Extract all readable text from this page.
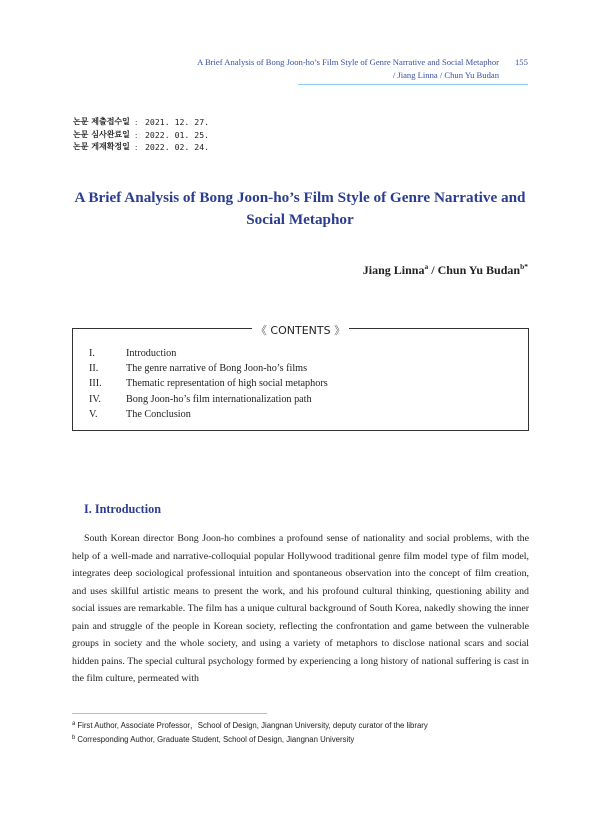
A Brief Analysis of Bong Joon-ho’s Film Style of Genre Narrative and Social Metaphor 155
/ Jiang Linna / Chun Yu Budan
논문 제출접수일 : 2021. 12. 27.
논문 심사완료일 : 2022. 01. 25.
논문 게재확정일 : 2022. 02. 24.
A Brief Analysis of Bong Joon-ho’s Film Style of Genre Narrative and Social Metaphor
Jiang Linna$^a$ / Chun Yu Budan$^{b*}$
《 CONTENTS 》
I.	Introduction
II.	The genre narrative of Bong Joon-ho’s films
III.	Thematic representation of high social metaphors
IV.	Bong Joon-ho’s film internationalization path
V.	The Conclusion
I. Introduction

South Korean director Bong Joon-ho combines a profound sense of nationality and social problems, with the help of a well-made and narrative-colloquial popular Hollywood traditional genre film model type of film model, integrates deep sociological professional intuition and spontaneous observation into the concept of film creation, and uses skillful artistic means to present the work, and his profound cultural thinking, questioning ability and social issues are remarkable. The film has a unique cultural background of South Korea, nakedly showing the inner pain and struggle of the people in Korean society, reflecting the confrontation and game between the vulnerable groups in society and the whole society, and using a variety of metaphors to disclose national scars and social hidden pains. The special cultural psychology formed by experiencing a long history of national suffering is cast in the film culture, permeated with

$^a$ First Author, Associate Professor，School of Design, Jiangnan University, deputy curator of the library
$^b$ Corresponding Author, Graduate Student, School of Design, Jiangnan University
